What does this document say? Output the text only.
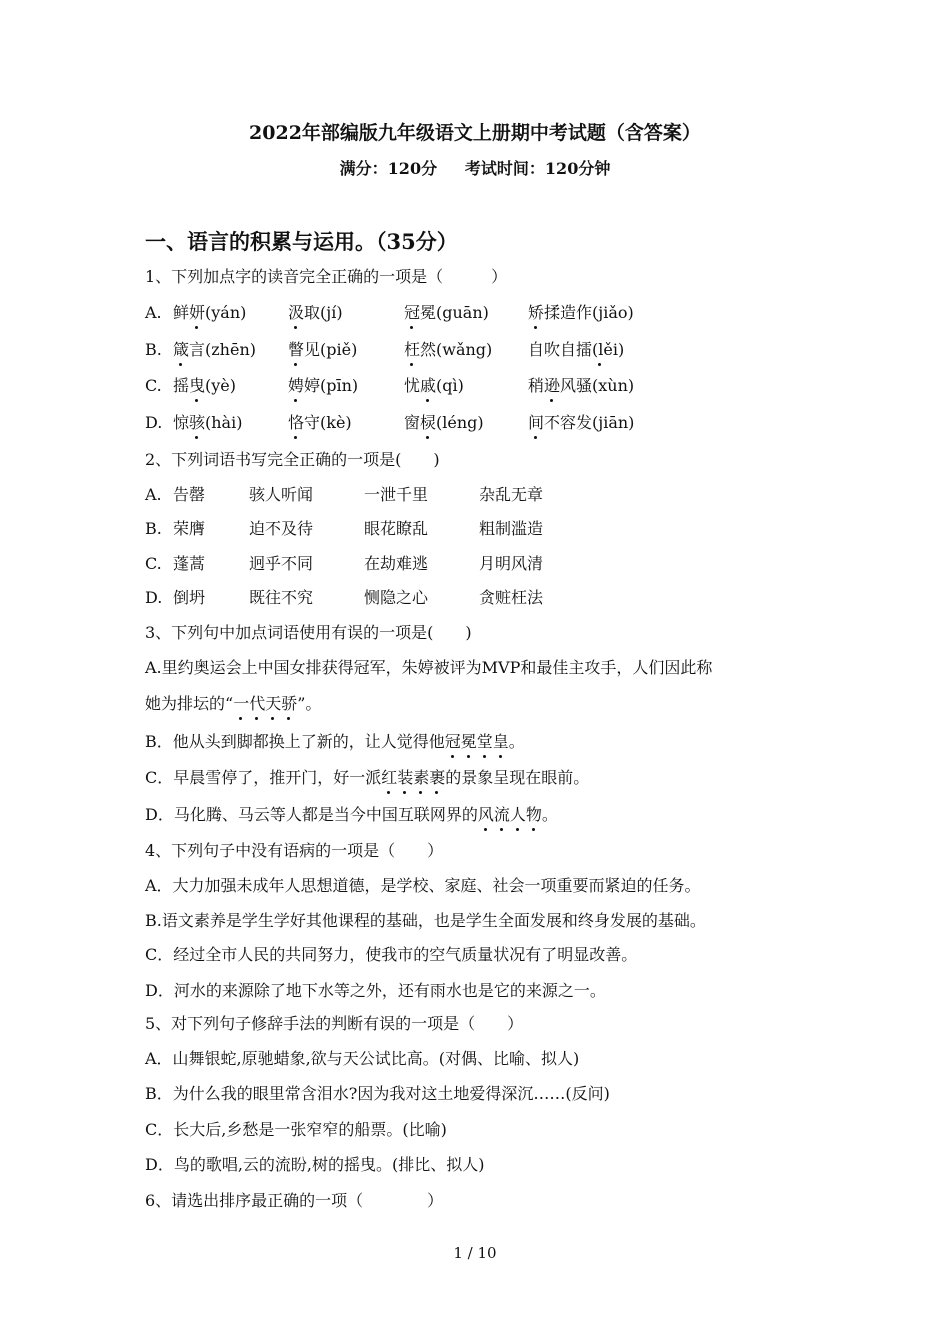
2022年部编版九年级语文上册期中考试题（含答案）
满分：120分     考试时间：120分钟
一、语言的积累与运用。（35分）
1、下列加点字的读音完全正确的一项是（　　　）
A. 鲜妍(yán)	汲取(jí)	冠冕(guān) 矫揉造作(jiǎo)
B. 箴言(zhēn) 瞥见(piě)	枉然(wǎng) 自吹自擂(lěi)
C. 摇曳(yè)	娉婷(pīn)	忧戚(qì)	稍逊风骚(xùn)
D. 惊骇(hài)	恪守(kè)	窗棂(léng)	间不容发(jiān)
2、下列词语书写完全正确的一项是(　　)
A. 告罄	骇人听闻	一泄千里	杂乱无章
B. 荣膺	迫不及待	眼花瞭乱	粗制滥造
C. 蓬蒿	迥乎不同	在劫难逃	月明风清
D. 倒坍	既往不究	恻隐之心	贪赃枉法
3、下列句中加点词语使用有误的一项是(　　)
A.里约奥运会上中国女排获得冠军，朱婷被评为MVP和最佳主攻手，人们因此称
她为排坛的“一代天骄
”。
B．他从头到脚都换上了新的，让人觉得他冠冕堂皇
。
C．早晨雪停了，推开门，好一派红装素裹
的景象呈现在眼前。
D．马化腾、马云等人都是当今中国互联网界的风流人物
。
4、下列句子中没有语病的一项是（　　）
A．大力加强未成年人思想道德，是学校、家庭、社会一项重要而紧迫的任务。
B.语文素养是学生学好其他课程的基础，也是学生全面发展和终身发展的基础。
C．经过全市人民的共同努力，使我市的空气质量状况有了明显改善。
D．河水的来源除了地下水等之外，还有雨水也是它的来源之一。
5、对下列句子修辞手法的判断有误的一项是（　　）
A．山舞银蛇,原驰蜡象,欲与天公试比高。(对偶、比喻、拟人)
B．为什么我的眼里常含泪水?因为我对这土地爱得深沉……(反问)
C．长大后,乡愁是一张窄窄的船票。(比喻)
D．鸟的歌唱,云的流盼,树的摇曳。(排比、拟人)
6、请选出排序最正确的一项（　　　　）
1 / 10
